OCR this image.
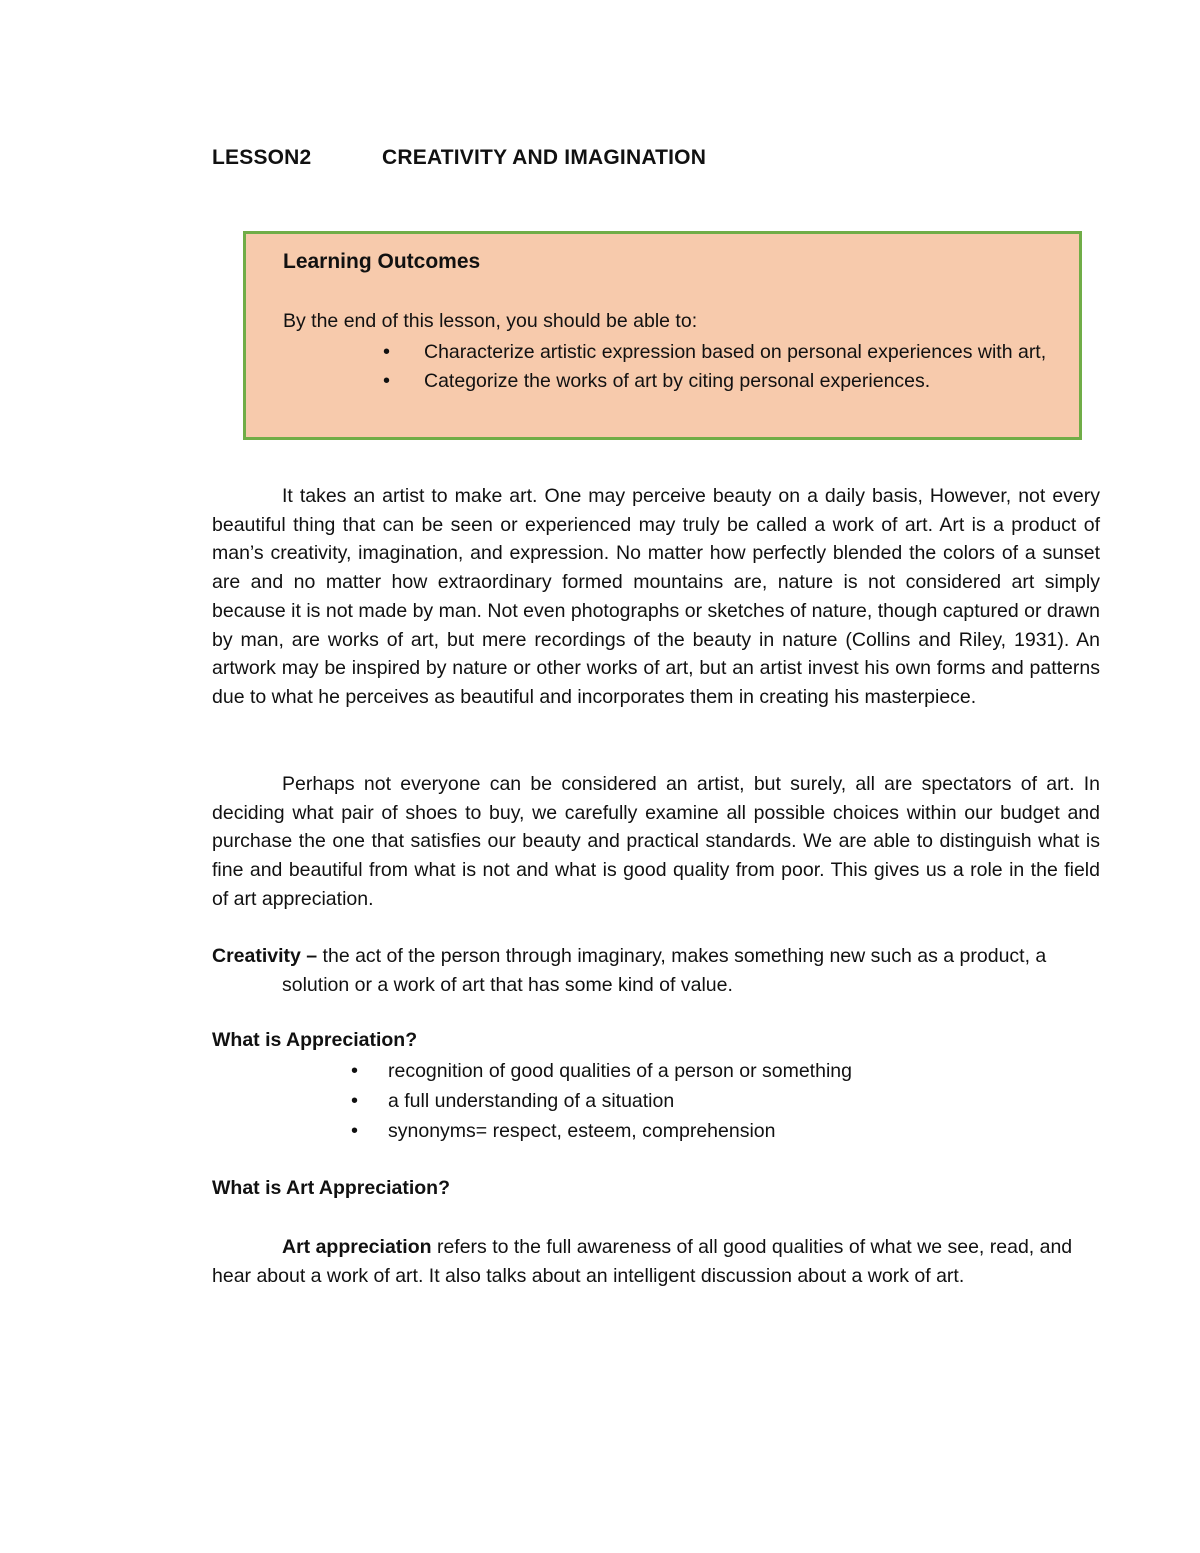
LESSON2	CREATIVITY AND IMAGINATION
Learning Outcomes
By the end of this lesson, you should be able to:
• Characterize artistic expression based on personal experiences with art,
• Categorize the works of art by citing personal experiences.

It takes an artist to make art. One may perceive beauty on a daily basis, However, not every beautiful thing that can be seen or experienced may truly be called a work of art. Art is a product of man’s creativity, imagination, and expression. No matter how perfectly blended the colors of a sunset are and no matter how extraordinary formed mountains are, nature is not considered art simply because it is not made by man. Not even photographs or sketches of nature, though captured or drawn by man, are works of art, but mere recordings of the beauty in nature (Collins and Riley, 1931). An artwork may be inspired by nature or other works of art, but an artist invest his own forms and patterns due to what he perceives as beautiful and incorporates them in creating his masterpiece.

Perhaps not everyone can be considered an artist, but surely, all are spectators of art. In deciding what pair of shoes to buy, we carefully examine all possible choices within our budget and purchase the one that satisfies our beauty and practical standards. We are able to distinguish what is fine and beautiful from what is not and what is good quality from poor. This gives us a role in the field of art appreciation.

Creativity – the act of the person through imaginary, makes something new such as a product, a solution or a work of art that has some kind of value.

What is Appreciation?
• recognition of good qualities of a person or something
• a full understanding of a situation
• synonyms= respect, esteem, comprehension
What is Art Appreciation?

Art appreciation refers to the full awareness of all good qualities of what we see, read, and hear about a work of art. It also talks about an intelligent discussion about a work of art.
